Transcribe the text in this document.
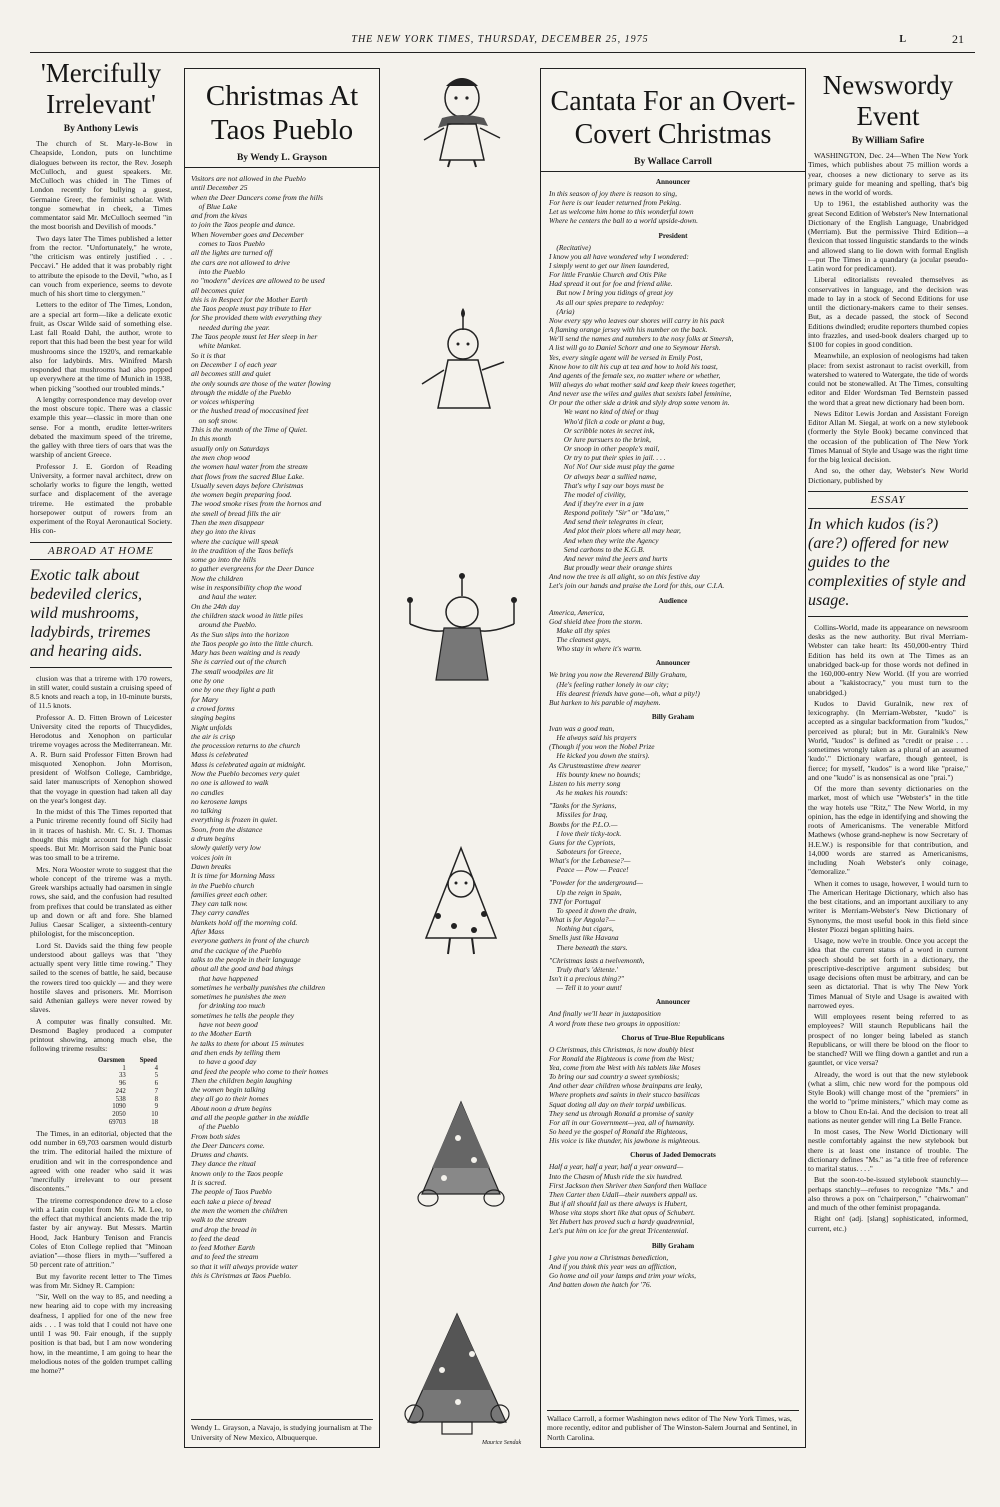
THE NEW YORK TIMES, THURSDAY, DECEMBER 25, 1975	L	21
'Mercifully Irrelevant'
By Anthony Lewis

The church of St. Mary-le-Bow in Cheapside, London, puts on lunchtime dialogues between its rector, the Rev. Joseph McCulloch, and guest speakers. Mr. McCulloch was chided in The Times of London recently for bullying a guest, Germaine Greer, the feminist scholar. With tongue somewhat in cheek, a Times commentator said Mr. McCulloch seemed "in the most boorish and Devilish of moods."

Two days later The Times published a letter from the rector. "Unfortunately," he wrote, "the criticism was entirely justified . . . Peccavi." He added that it was probably right to attribute the episode to the Devil, "who, as I can vouch from experience, seems to devote much of his short time to clergymen."

Letters to the editor of The Times, London, are a special art form—like a delicate exotic fruit, as Oscar Wilde said of something else. Last fall Roald Dahl, the author, wrote to report that this had been the best year for wild mushrooms since the 1920's, and remarkable also for ladybirds. Mrs. Winifred Marsh responded that mushrooms had also popped up everywhere at the time of Munich in 1938, when picking "soothed our troubled minds."

A lengthy correspondence may develop over the most obscure topic. There was a classic example this year—classic in more than one sense. For a month, erudite letter-writers debated the maximum speed of the trireme, the galley with three tiers of oars that was the warship of ancient Greece.

Professor J. E. Gordon of Reading University, a former naval architect, drew on scholarly works to figure the length, wetted surface and displacement of the average trireme. He estimated the probable horsepower output of rowers from an experiment of the Royal Aeronautical Society. His con-

ABROAD AT HOME
Exotic talk about bedeviled clerics, wild mushrooms, ladybirds, triremes and hearing aids.

clusion was that a trireme with 170 rowers, in still water, could sustain a cruising speed of 8.5 knots and reach a top, in 10-minute bursts, of 11.5 knots.

Professor A. D. Fitten Brown of Leicester University cited the reports of Thucydides, Herodotus and Xenophon on particular trireme voyages across the Mediterranean. Mr. A. R. Burn said Professor Fitten Brown had misquoted Xenophon. John Morrison, president of Wolfson College, Cambridge, said later manuscripts of Xenophon showed that the voyage in question had taken all day on the year's longest day.

In the midst of this The Times reported that a Punic trireme recently found off Sicily had in it traces of hashish. Mr. C. St. J. Thomas thought this might account for high classic speeds. But Mr. Morrison said the Punic boat was too small to be a trireme.

Mrs. Nora Wooster wrote to suggest that the whole concept of the trireme was a myth. Greek warships actually had oarsmen in single rows, she said, and the confusion had resulted from prefixes that could be translated as either up and down or aft and fore. She blamed Julius Caesar Scaliger, a sixteenth-century philologist, for the misconception.

Lord St. Davids said the thing few people understood about galleys was that "they actually spent very little time rowing." They sailed to the scenes of battle, he said, because the rowers tired too quickly — and they were hostile slaves and prisoners. Mr. Morrison said Athenian galleys were never rowed by slaves.

A computer was finally consulted. Mr. Desmond Bagley produced a computer printout showing, among much else, the following trireme results:

Oarsmen	Speed
1	4
33	5
96	6
242	7
538	8
1090	9
2050	10
69703	18

The Times, in an editorial, objected that the odd number in 69,703 oarsmen would disturb the trim. The editorial hailed the mixture of erudition and wit in the correspondence and agreed with one reader who said it was "mercifully irrelevant to our present discontents."

The trireme correspondence drew to a close with a Latin couplet from Mr. G. M. Lee, to the effect that mythical ancients made the trip faster by air anyway. But Messrs. Martin Hood, Jack Hanbury Tenison and Francis Coles of Eton College replied that "Minoan aviation"—those fliers in myth—"suffered a 50 percent rate of attrition."

But my favorite recent letter to The Times was from Mr. Sidney R. Campion:

"Sir, Well on the way to 85, and needing a new hearing aid to cope with my increasing deafness, I applied for one of the new free aids . . . I was told that I could not have one until I was 90. Fair enough, if the supply position is that bad, but I am now wondering how, in the meantime, I am going to hear the melodious notes of the golden trumpet calling me home?"

Christmas At Taos Pueblo
By Wendy L. Grayson
Visitors are not allowed in the Pueblo
until December 25
when the Deer Dancers come from the hills
of Blue Lake
and from the kivas
to join the Taos people and dance.
When November goes and December
comes to Taos Pueblo
all the lights are turned off
the cars are not allowed to drive
into the Pueblo
no "modern" devices are allowed to be used
all becomes quiet
this is in Respect for the Mother Earth
the Taos people must pay tribute to Her
for She provided them with everything they
needed during the year.
The Taos people must let Her sleep in her
white blanket.
So it is that
on December 1 of each year
all becomes still and quiet
the only sounds are those of the water flowing
through the middle of the Pueblo
or voices whispering
or the hushed tread of moccasined feet
on soft snow.
This is the month of the Time of Quiet.
In this month
usually only on Saturdays
the men chop wood
the women haul water from the stream
that flows from the sacred Blue Lake.
Usually seven days before Christmas
the women begin preparing food.
The wood smoke rises from the hornos and
the smell of bread fills the air
Then the men disappear
they go into the kivas
where the cacique will speak
in the tradition of the Taos beliefs
some go into the hills
to gather evergreens for the Deer Dance
Now the children
wise in responsibility chop the wood
and haul the water.
On the 24th day
the children stack wood in little piles
around the Pueblo.
As the Sun slips into the horizon
the Taos people go into the little church.
Mary has been waiting and is ready
She is carried out of the church
The small woodpiles are lit
one by one
one by one they light a path
for Mary
a crowd forms
singing begins
Night unfolds
the air is crisp
the procession returns to the church
Mass is celebrated
Mass is celebrated again at midnight.
Now the Pueblo becomes very quiet
no one is allowed to walk
no candles
no kerosene lamps
no talking
everything is frozen in quiet.
Soon, from the distance
a drum begins
slowly quietly very low
voices join in
Dawn breaks
It is time for Morning Mass
in the Pueblo church
families greet each other.
They can talk now.
They carry candles
blankets hold off the morning cold.
After Mass
everyone gathers in front of the church
and the cacique of the Pueblo
talks to the people in their language
about all the good and bad things
that have happened
sometimes he verbally punishes the children
sometimes he punishes the men
for drinking too much
sometimes he tells the people they
have not been good
to the Mother Earth
he talks to them for about 15 minutes
and then ends by telling them
to have a good day
and feed the people who come to their homes
Then the children begin laughing
the women begin talking
they all go to their homes
About noon a drum begins
and all the people gather in the middle
of the Pueblo
From both sides
the Deer Dancers come.
Drums and chants.
They dance the ritual
known only to the Taos people
It is sacred.
The people of Taos Pueblo
each take a piece of bread
the men the women the children
walk to the stream
and drop the bread in
to feed the dead
to feed Mother Earth
and to feed the stream
so that it will always provide water
this is Christmas at Taos Pueblo.
Wendy L. Grayson, a Navajo, is studying journalism at The University of New Mexico, Albuquerque.
Maurice Sendak
Cantata For an Overt-Covert Christmas
By Wallace Carroll
Announcer
In this season of joy there is reason to sing,
For here is our leader returned from Peking.
Let us welcome him home to this wonderful town
Where he centers the ball to a world upside-down.
President
(Recitative)
I know you all have wondered why I wondered:
I simply went to get our linen laundered,
For little Frankie Church and Otis Pike
Had spread it out for foe and friend alike.
But now I bring you tidings of great joy
As all our spies prepare to redeploy:
(Aria)
Now every spy who leaves our shores will carry in his pack
A flaming orange jersey with his number on the back.
We'll send the names and numbers to the nosy folks at Smersh,
A list will go to Daniel Schorr and one to Seymour Hersh.
Yes, every single agent will be versed in Emily Post,
Know how to tilt his cup at tea and how to hold his toast,
And agents of the female sex, no matter where or whether,
Will always do what mother said and keep their knees together,
And never use the wiles and guiles that sexists label feminine,
Or pour the other side a drink and slyly drop some venom in.
We want no kind of thief or thug
Who'd filch a code or plant a bug,
Or scribble notes in secret ink,
Or lure pursuers to the brink,
Or snoop in other people's mail,
Or try to put their spies in jail. . . .
No! No! Our side must play the game
Or always bear a sullied name,
That's why I say our boys must be
The model of civility,
And if they're ever in a jam
Respond politely "Sir" or "Ma'am,"
And send their telegrams in clear,
And plot their plots where all may hear,
And when they write the Agency
Send carbons to the K.G.B.
And never mind the jeers and hurts
But proudly wear their orange shirts
And now the tree is all alight, so on this festive day
Let's join our hands and praise the Lord for this, our C.I.A.
Audience
America, America,
God shield thee from the storm.
Make all thy spies
The cleanest guys,
Who stay in where it's warm.
Announcer
We bring you now the Reverend Billy Graham,
(He's feeling rather lonely in our city;
His dearest friends have gone—oh, what a pity!)
But harken to his parable of mayhem.
Billy Graham
Ivan was a good man,
He always said his prayers
(Though if you won the Nobel Prize
He kicked you down the stairs).
As Chrustmastime drew nearer
His bounty knew no bounds;
Listen to his merry song
As he makes his rounds:
"Tanks for the Syrians,
Missiles for Iraq,
Bombs for the P.L.O.—
I love their ticky-tock.
Guns for the Cypriots,
Saboteurs for Greece,
What's for the Lebanese?—
Peace — Pow — Peace!
"Powder for the underground—
Up the reign in Spain,
TNT for Portugal
To speed it down the drain,
What is for Angola?—
Nothing but cigars,
Smells just like Havana
There beneath the stars.
"Christmas lasts a twelvemonth,
Truly that's 'détente.'
Isn't it a precious thing?"
— Tell it to your aunt!
Announcer
And finally we'll hear in juxtaposition
A word from these two groups in opposition:
Chorus of True-Blue Republicans
O Christmas, this Christmas, is now doubly blest
For Ronald the Righteous is come from the West;
Yea, come from the West with his tablets like Moses
To bring our sad country a sweet symbiosis;
And other dear children whose brainpans are leaky,
Where prophets and saints in their stucco basilicas
Squat doting all day on their torpid umbilicas.
They send us through Ronald a promise of sanity
For all in our Government—yea, all of humanity.
So heed ye the gospel of Ronald the Righteous,
His voice is like thunder, his jawbone is mighteous.
Chorus of Jaded Democrats
Half a year, half a year, half a year onward—
Into the Chasm of Mush ride the six hundred.
First Jackson then Shriver then Sanford then Wallace
Then Carter then Udall—their numbers appall us.
But if all should fail us there always is Hubert,
Whose vita stops short like that opus of Schubert.
Yet Hubert has proved such a hardy quadrennial,
Let's put him on ice for the great Tricentennial.
Billy Graham
I give you now a Christmas benediction,
And if you think this year was an affliction,
Go home and oil your lamps and trim your wicks,
And batten down the hatch for '76.
Wallace Carroll, a former Washington news editor of The New York Times, was, more recently, editor and publisher of The Winston-Salem Journal and Sentinel, in North Carolina.
Newswordy Event
By William Safire

WASHINGTON, Dec. 24—When The New York Times, which publishes about 75 million words a year, chooses a new dictionary to serve as its primary guide for meaning and spelling, that's big news in the world of words.

Up to 1961, the established authority was the great Second Edition of Webster's New International Dictionary of the English Language, Unabridged (Merriam). But the permissive Third Edition—a flexicon that tossed linguistic standards to the winds and allowed slang to lie down with formal English—put The Times in a quandary (a jocular pseudo-Latin word for predicament).

Liberal editorialists revealed themselves as conservatives in language, and the decision was made to lay in a stock of Second Editions for use until the dictionary-makers came to their senses. But, as a decade passed, the stock of Second Editions dwindled; erudite reporters thumbed copies into frazzles, and used-book dealers charged up to $100 for copies in good condition.

Meanwhile, an explosion of neologisms had taken place: from sexist astronaut to racist overkill, from watershed to watered to Watergate, the tide of words could not be stonewalled. At The Times, consulting editor and Elder Wordsman Ted Bernstein passed the word that a great new dictionary had been born.

News Editor Lewis Jordan and Assistant Foreign Editor Allan M. Siegal, at work on a new stylebook (formerly the Style Book) became convinced that the occasion of the publication of The New York Times Manual of Style and Usage was the right time for the big lexical decision.

And so, the other day, Webster's New World Dictionary, published by

ESSAY
In which kudos (is?)(are?) offered for new guides to the complexities of style and usage.

Collins-World, made its appearance on newsroom desks as the new authority. But rival Merriam-Webster can take heart: Its 450,000-entry Third Edition has held its own at The Times as an unabridged back-up for those words not defined in the 160,000-entry New World. (If you are worried about a "kakistocracy," you must turn to the unabridged.)

Kudos to David Guralnik, new rex of lexicography. (In Merriam-Webster, "kudo" is accepted as a singular backformation from "kudos," perceived as plural; but in Mr. Guralnik's New World, "kudos" is defined as "credit or praise . . . sometimes wrongly taken as a plural of an assumed 'kudo'." Dictionary warfare, though genteel, is fierce; for myself, "kudos" is a word like "praise," and one "kudo" is as nonsensical as one "prai.")

Of the more than seventy dictionaries on the market, most of which use "Webster's" in the title the way hotels use "Ritz," The New World, in my opinion, has the edge in identifying and showing the roots of Americanisms. The venerable Mitford Mathews (whose grand-nephew is now Secretary of H.E.W.) is responsible for that contribution, and 14,000 words are starred as Americanisms, including Noah Webster's only coinage, "demoralize."

When it comes to usage, however, I would turn to The American Heritage Dictionary, which also has the best citations, and an important auxiliary to any writer is Merriam-Webster's New Dictionary of Synonyms, the most useful book in this field since Hester Piozzi began splitting hairs.

Usage, now we're in trouble. Once you accept the idea that the current status of a word in current speech should be set forth in a dictionary, the prescriptive-descriptive argument subsides; but usage decisions often must be arbitrary, and can be seen as dictatorial. That is why The New York Times Manual of Style and Usage is awaited with narrowed eyes.

Will employees resent being referred to as employees? Will staunch Republicans hail the prospect of no longer being labeled as stanch Republicans, or will there be blood on the floor to be stanched? Will we fling down a gantlet and run a gauntlet, or vice versa?

Already, the word is out that the new stylebook (what a slim, chic new word for the pompous old Style Book) will change most of the "premiers" in the world to "prime ministers," which may come as a blow to Chou En-lai. And the decision to treat all nations as neuter gender will ring La Belle France.

In most cases, The New World Dictionary will nestle comfortably against the new stylebook but there is at least one instance of trouble. The dictionary defines "Ms." as "a title free of reference to marital status. . . ."

But the soon-to-be-issued stylebook staunchly—perhaps stanchly—refuses to recognize "Ms." and also throws a pox on "chairperson," "chairwoman" and much of the other feminist propaganda.

Right on! (adj. [slang] sophisticated, informed, current, etc.)
